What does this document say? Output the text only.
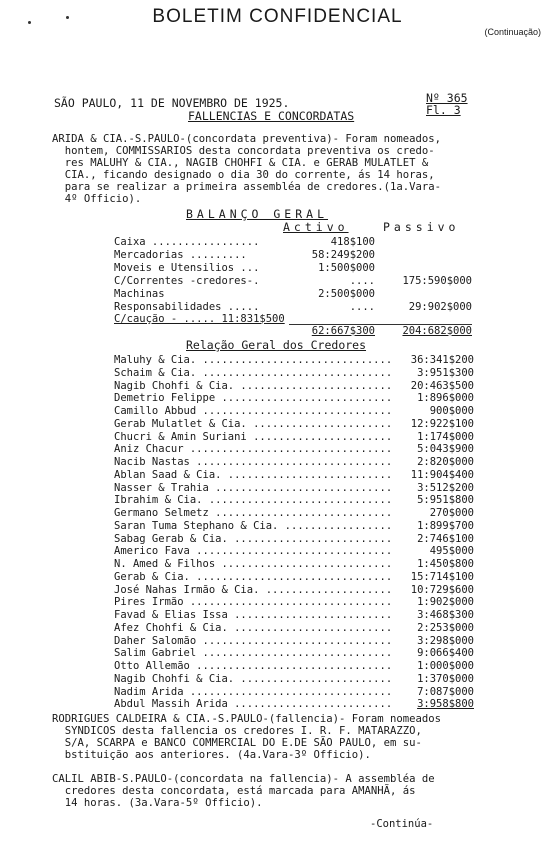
BOLETIM CONFIDENCIAL
(Continuação)
SÃO PAULO, 11 DE NOVEMBRO DE 1925.	Nº 365
Fl. 3
FALLENCIAS E CONCORDATAS
ARIDA & CIA.-S.PAULO-(concordata preventiva)- Foram nomeados,
hontem, COMMISSARIOS desta concordata preventiva os credo-
res MALUHY & CIA., NAGIB CHOHFI & CIA. e GERAB MULATLET &
CIA., ficando designado o dia 30 do corrente, ás 14 horas,
para se realizar a primeira assembléa de credores.(1a.Vara-
4º Officio).
BALANÇO GERAL
Activo	Passivo
Caixa .................	418$100
Mercadorias .........	58:249$200
Moveis e Utensilios ...	1:500$000
C/Correntes -credores-.	....	175:590$000
Machinas	2:500$000
Responsabilidades .....	....	29:902$000
C/caução - ..... 11:831$500
62:667$300	204:682$000
Relação Geral dos Credores
Maluhy & Cia. ..............................	36:341$200
Schaim & Cia. ..............................	3:951$300
Nagib Chohfi & Cia. ........................	20:463$500
Demetrio Felippe ...........................	1:896$000
Camillo Abbud ..............................	900$000
Gerab Mulatlet & Cia. ......................	12:922$100
Chucri & Amin Suriani ......................	1:174$000
Aniz Chacur ................................	5:043$900
Nacib Nastas ...............................	2:820$000
Ablan Saad & Cia. ..........................	11:904$400
Nasser & Trahia ............................	3:512$200
Ibrahim & Cia. .............................	5:951$800
Germano Selmetz ............................	270$000
Saran Tuma Stephano & Cia. .................	1:899$700
Sabag Gerab & Cia. .........................	2:746$100
Americo Fava ...............................	495$000
N. Amed & Filhos ...........................	1:450$800
Gerab & Cia. ...............................	15:714$100
José Nahas Irmão & Cia. ....................	10:729$600
Pires Irmão ................................	1:902$000
Favad & Elias Issa .........................	3:468$300
Afez Chohfi & Cia. .........................	2:253$000
Daher Salomão ..............................	3:298$000
Salim Gabriel ..............................	9:066$400
Otto Allemão ...............................	1:000$000
Nagib Chohfi & Cia. ........................	1:370$000
Nadim Arida ................................	7:087$000
Abdul Massih Arida .........................	3:958$800
RODRIGUES CALDEIRA & CIA.-S.PAULO-(fallencia)- Foram nomeados
SYNDICOS desta fallencia os credores I. R. F. MATARAZZO,
S/A, SCARPA e BANCO COMMERCIAL DO E.DE SÃO PAULO, em su-
bstituição aos anteriores. (4a.Vara-3º Officio).
CALIL ABIB-S.PAULO-(concordata na fallencia)- A assembléa de
credores desta concordata, está marcada para AMANHÃ, ás
14 horas. (3a.Vara-5º Officio).
-Continúa-
